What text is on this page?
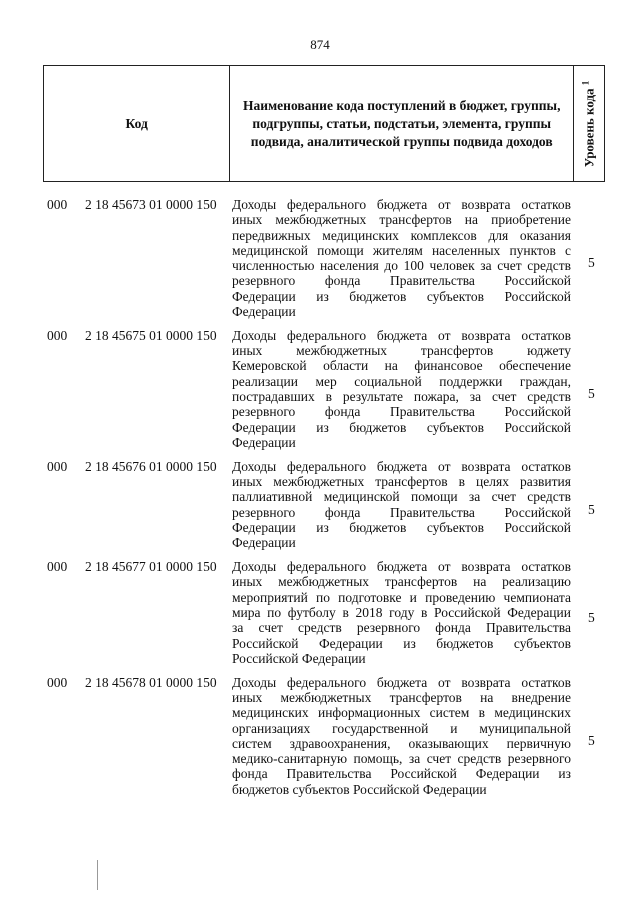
874
Код
Наименование кода поступлений в бюджет, группы, подгруппы, статьи, подстатьи, элемента, группы подвида, аналитической группы подвида доходов	Уровень кода $^1$
000 2 18 45673 01 0000 150 Доходы федерального бюджета от возврата остатков
иных межбюджетных трансфертов на приобретение
передвижных медицинских комплексов для оказания
медицинской помощи жителям населенных пунктов с
численностью населения до 100 человек за счет средств
резервного фонда Правительства Российской
Федерации из бюджетов субъектов Российской
Федерации
5
000 2 18 45675 01 0000 150 Доходы федерального бюджета от возврата остатков
иных межбюджетных трансфертов юджету
Кемеровской области на финансовое обеспечение
реализации мер социальной поддержки граждан,
пострадавших в результате пожара, за счет средств
резервного фонда Правительства Российской
Федерации из бюджетов субъектов Российской
Федерации
5
000 2 18 45676 01 0000 150 Доходы федерального бюджета от возврата остатков
иных межбюджетных трансфертов в целях развития
паллиативной медицинской помощи за счет средств
резервного фонда Правительства Российской
Федерации из бюджетов субъектов Российской
Федерации
5
000 2 18 45677 01 0000 150 Доходы федерального бюджета от возврата остатков
иных межбюджетных трансфертов на реализацию
мероприятий по подготовке и проведению чемпионата
мира по футболу в 2018 году в Российской Федерации
за счет средств резервного фонда Правительства
Российской Федерации из бюджетов субъектов
Российской Федерации
5
000 2 18 45678 01 0000 150 Доходы федерального бюджета от возврата остатков
иных межбюджетных трансфертов на внедрение
медицинских информационных систем в медицинских
организациях государственной и муниципальной
систем здравоохранения, оказывающих первичную
медико-санитарную помощь, за счет средств резервного
фонда Правительства Российской Федерации из
бюджетов субъектов Российской Федерации
5
